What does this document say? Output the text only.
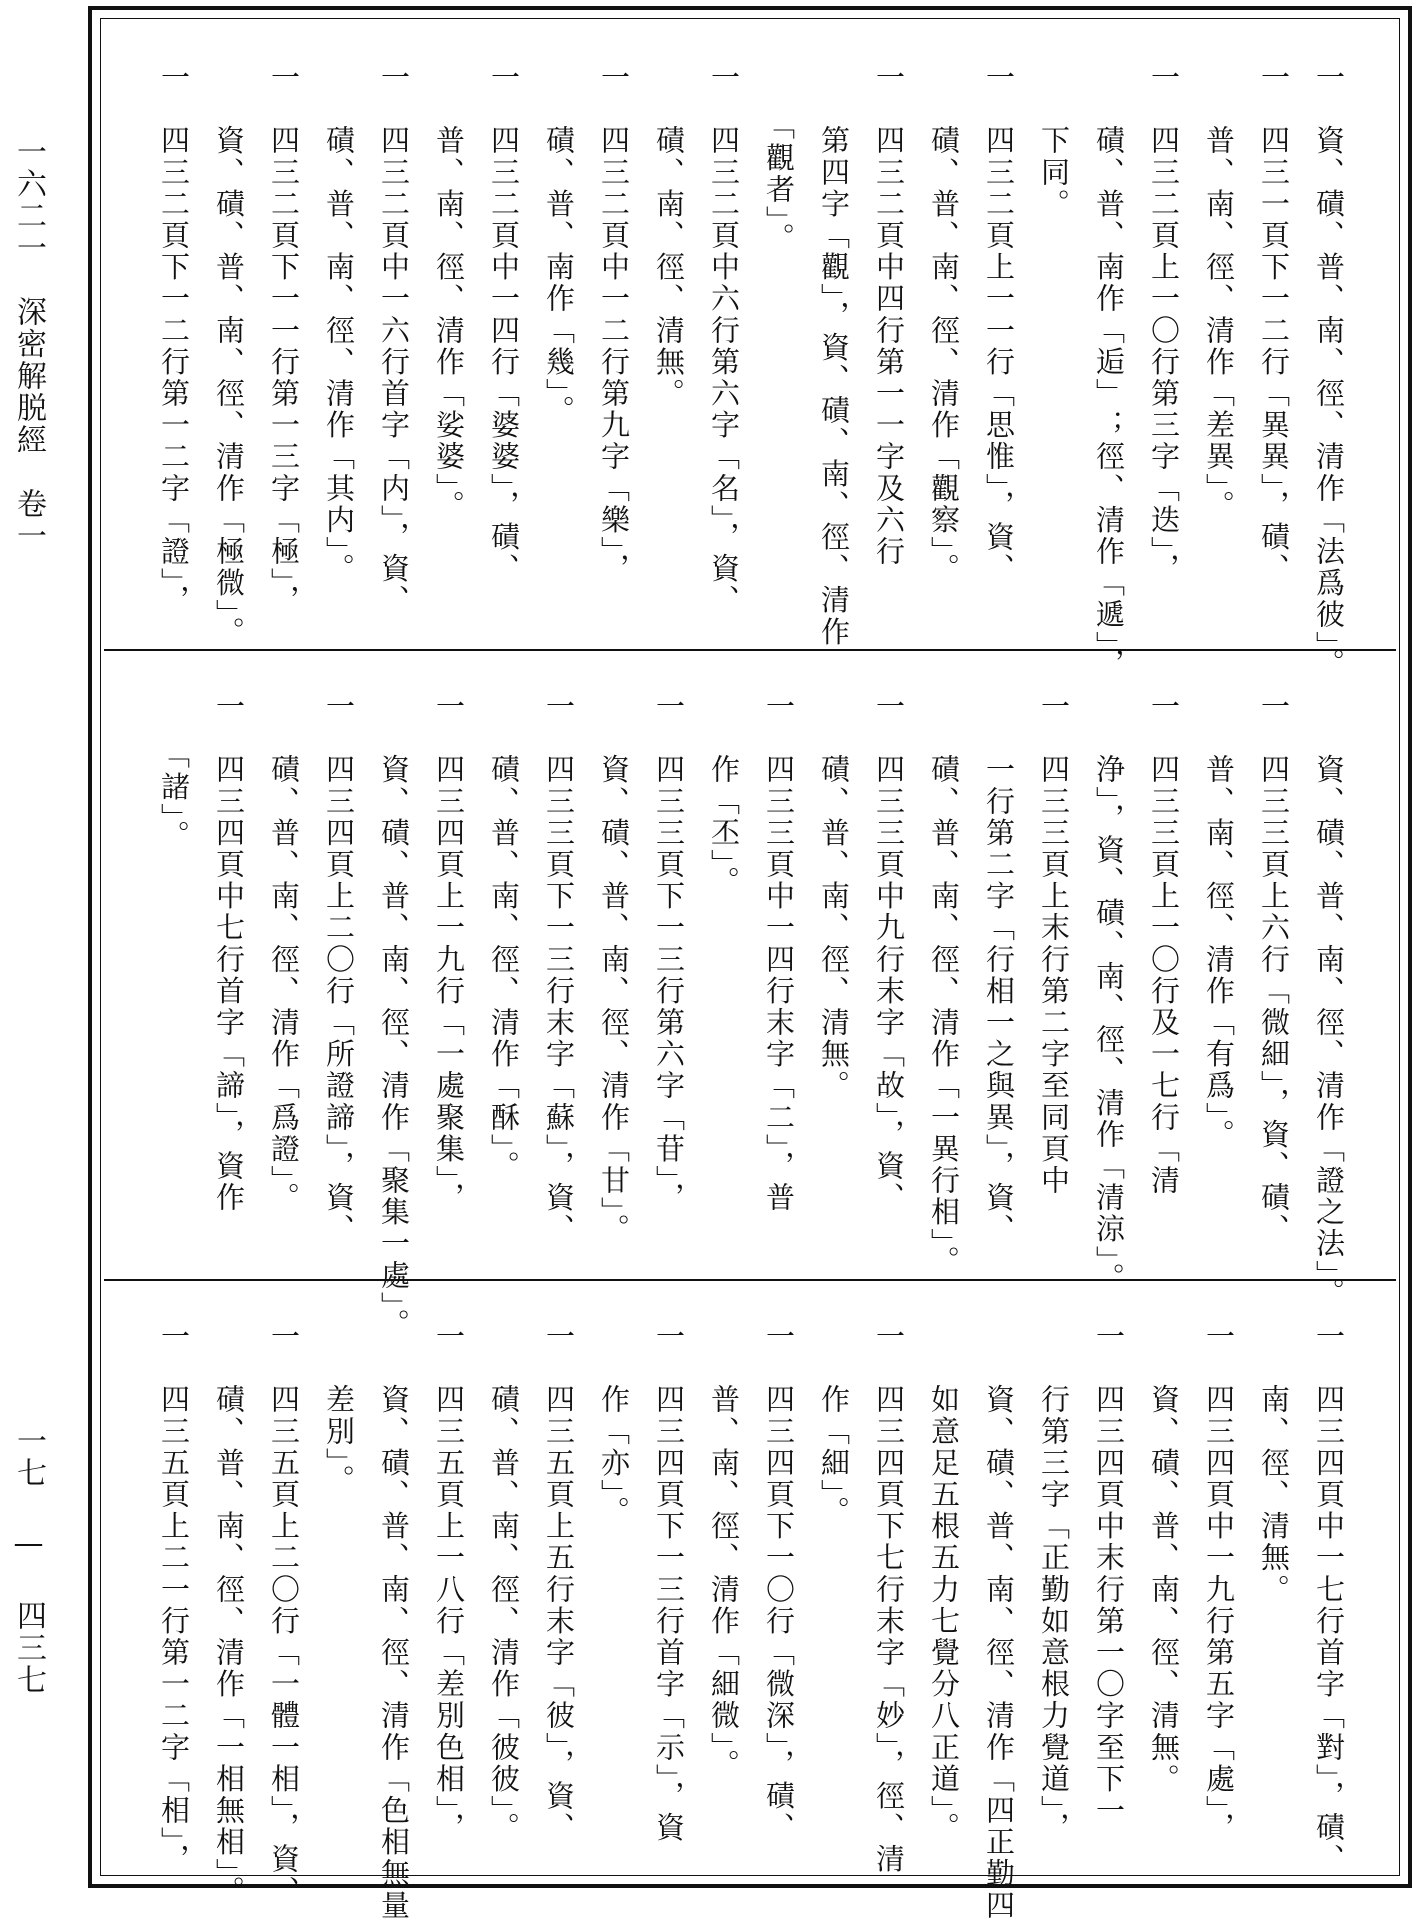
一六二一　深密解脱經　卷一
一七 — 四三七
一　資、磧、普、南、徑、清作「法爲彼」。
一　四三一頁下一二行「異異」，磧、
　　普、南、徑、清作「差異」。
一　四三二頁上一〇行第三字「迭」，
　　磧、普、南作「逅」；徑、清作「遞」，
　　下同。
一　四三二頁上一一行「思惟」，資、
　　磧、普、南、徑、清作「觀察」。
一　四三二頁中四行第一一字及六行
　　第四字「觀」，資、磧、南、徑、清作
　　「觀者」。
一　四三二頁中六行第六字「名」，資、
　　磧、南、徑、清無。
一　四三二頁中一二行第九字「樂」，
　　磧、普、南作「幾」。
一　四三二頁中一四行「婆婆」，磧、
　　普、南、徑、清作「娑婆」。
一　四三二頁中一六行首字「内」，資、
　　磧、普、南、徑、清作「其内」。
一　四三二頁下一一行第一三字「極」，
　　資、磧、普、南、徑、清作「極微」。
一　四三二頁下一二行第一二字「證」，
　　資、磧、普、南、徑、清作「證之法」。
一　四三三頁上六行「微細」，資、磧、
　　普、南、徑、清作「有爲」。
一　四三三頁上一〇行及一七行「清
　　浄」，資、磧、南、徑、清作「清涼」。
一　四三三頁上末行第二字至同頁中
　　一行第二字「行相一之與異」，資、
　　磧、普、南、徑、清作「一異行相」。
一　四三三頁中九行末字「故」，資、
　　磧、普、南、徑、清無。
一　四三三頁中一四行末字「二」，普
　　作「丕」。
一　四三三頁下一三行第六字「苷」，
　　資、磧、普、南、徑、清作「甘」。
一　四三三頁下一三行末字「蘇」，資、
　　磧、普、南、徑、清作「酥」。
一　四三四頁上一九行「一處聚集」，
　　資、磧、普、南、徑、清作「聚集一處」。
一　四三四頁上二〇行「所證諦」，資、
　　磧、普、南、徑、清作「爲證」。
一　四三四頁中七行首字「諦」，資作
　　「諸」。
一　四三四頁中一七行首字「對」，磧、
　　南、徑、清無。
一　四三四頁中一九行第五字「處」，
　　資、磧、普、南、徑、清無。
一　四三四頁中末行第一〇字至下一
　　行第三字「正勤如意根力覺道」，
　　資、磧、普、南、徑、清作「四正勤四
　　如意足五根五力七覺分八正道」。
一　四三四頁下七行末字「妙」，徑、清
　　作「細」。
一　四三四頁下一〇行「微深」，磧、
　　普、南、徑、清作「細微」。
一　四三四頁下一三行首字「示」，資
　　作「亦」。
一　四三五頁上五行末字「彼」，資、
　　磧、普、南、徑、清作「彼彼」。
一　四三五頁上一八行「差別色相」，
　　資、磧、普、南、徑、清作「色相無量
　　差別」。
一　四三五頁上二〇行「一體一相」，資、
　　磧、普、南、徑、清作「一相無相」。
一　四三五頁上二一行第一二字「相」，
